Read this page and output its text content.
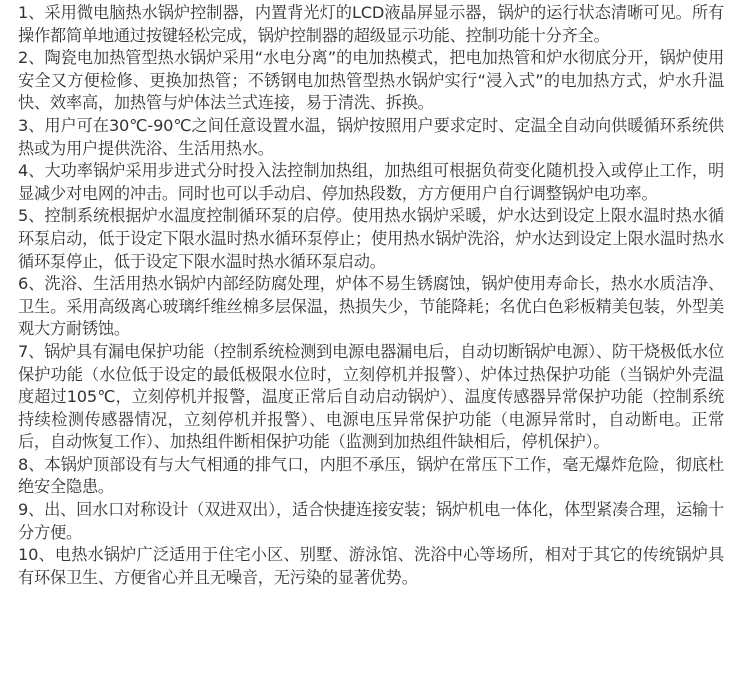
1、采用微电脑热水锅炉控制器，内置背光灯的LCD液晶屏显示器，锅炉的运行状态清晰可见。所有操作都简单地通过按键轻松完成，锅炉控制器的超级显示功能、控制功能十分齐全。

2、陶瓷电加热管型热水锅炉采用“水电分离”的电加热模式，把电加热管和炉水彻底分开，锅炉使用安全又方便检修、更换加热管；不锈钢电加热管型热水锅炉实行“浸入式”的电加热方式，炉水升温快、效率高，加热管与炉体法兰式连接，易于清洗、拆换。

3、用户可在30℃-90℃之间任意设置水温，锅炉按照用户要求定时、定温全自动向供暖循环系统供热或为用户提供洗浴、生活用热水。

4、大功率锅炉采用步进式分时投入法控制加热组，加热组可根据负荷变化随机投入或停止工作，明显减少对电网的冲击。同时也可以手动启、停加热段数，方方便用户自行调整锅炉电功率。

5、控制系统根据炉水温度控制循环泵的启停。使用热水锅炉采暖，炉水达到设定上限水温时热水循环泵启动，低于设定下限水温时热水循环泵停止；使用热水锅炉洗浴，炉水达到设定上限水温时热水循环泵停止，低于设定下限水温时热水循环泵启动。

6、洗浴、生活用热水锅炉内部经防腐处理，炉体不易生锈腐蚀，锅炉使用寿命长，热水水质洁净、卫生。采用高级离心玻璃纤维丝棉多层保温，热损失少，节能降耗；名优白色彩板精美包装，外型美观大方耐锈蚀。

7、锅炉具有漏电保护功能（控制系统检测到电源电器漏电后，自动切断锅炉电源）、防干烧极低水位保护功能（水位低于设定的最低极限水位时，立刻停机并报警）、炉体过热保护功能（当锅炉外壳温度超过105℃，立刻停机并报警，温度正常后自动启动锅炉）、温度传感器异常保护功能（控制系统持续检测传感器情况，立刻停机并报警）、电源电压异常保护功能（电源异常时，自动断电。正常后，自动恢复工作）、加热组件断相保护功能（监测到加热组件缺相后，停机保护）。

8、本锅炉顶部设有与大气相通的排气口，内胆不承压，锅炉在常压下工作，毫无爆炸危险，彻底杜绝安全隐患。

9、出、回水口对称设计（双进双出），适合快捷连接安装；锅炉机电一体化，体型紧凑合理，运输十分方便。

10、电热水锅炉广泛适用于住宅小区、别墅、游泳馆、洗浴中心等场所，相对于其它的传统锅炉具有环保卫生、方便省心并且无噪音，无污染的显著优势。
